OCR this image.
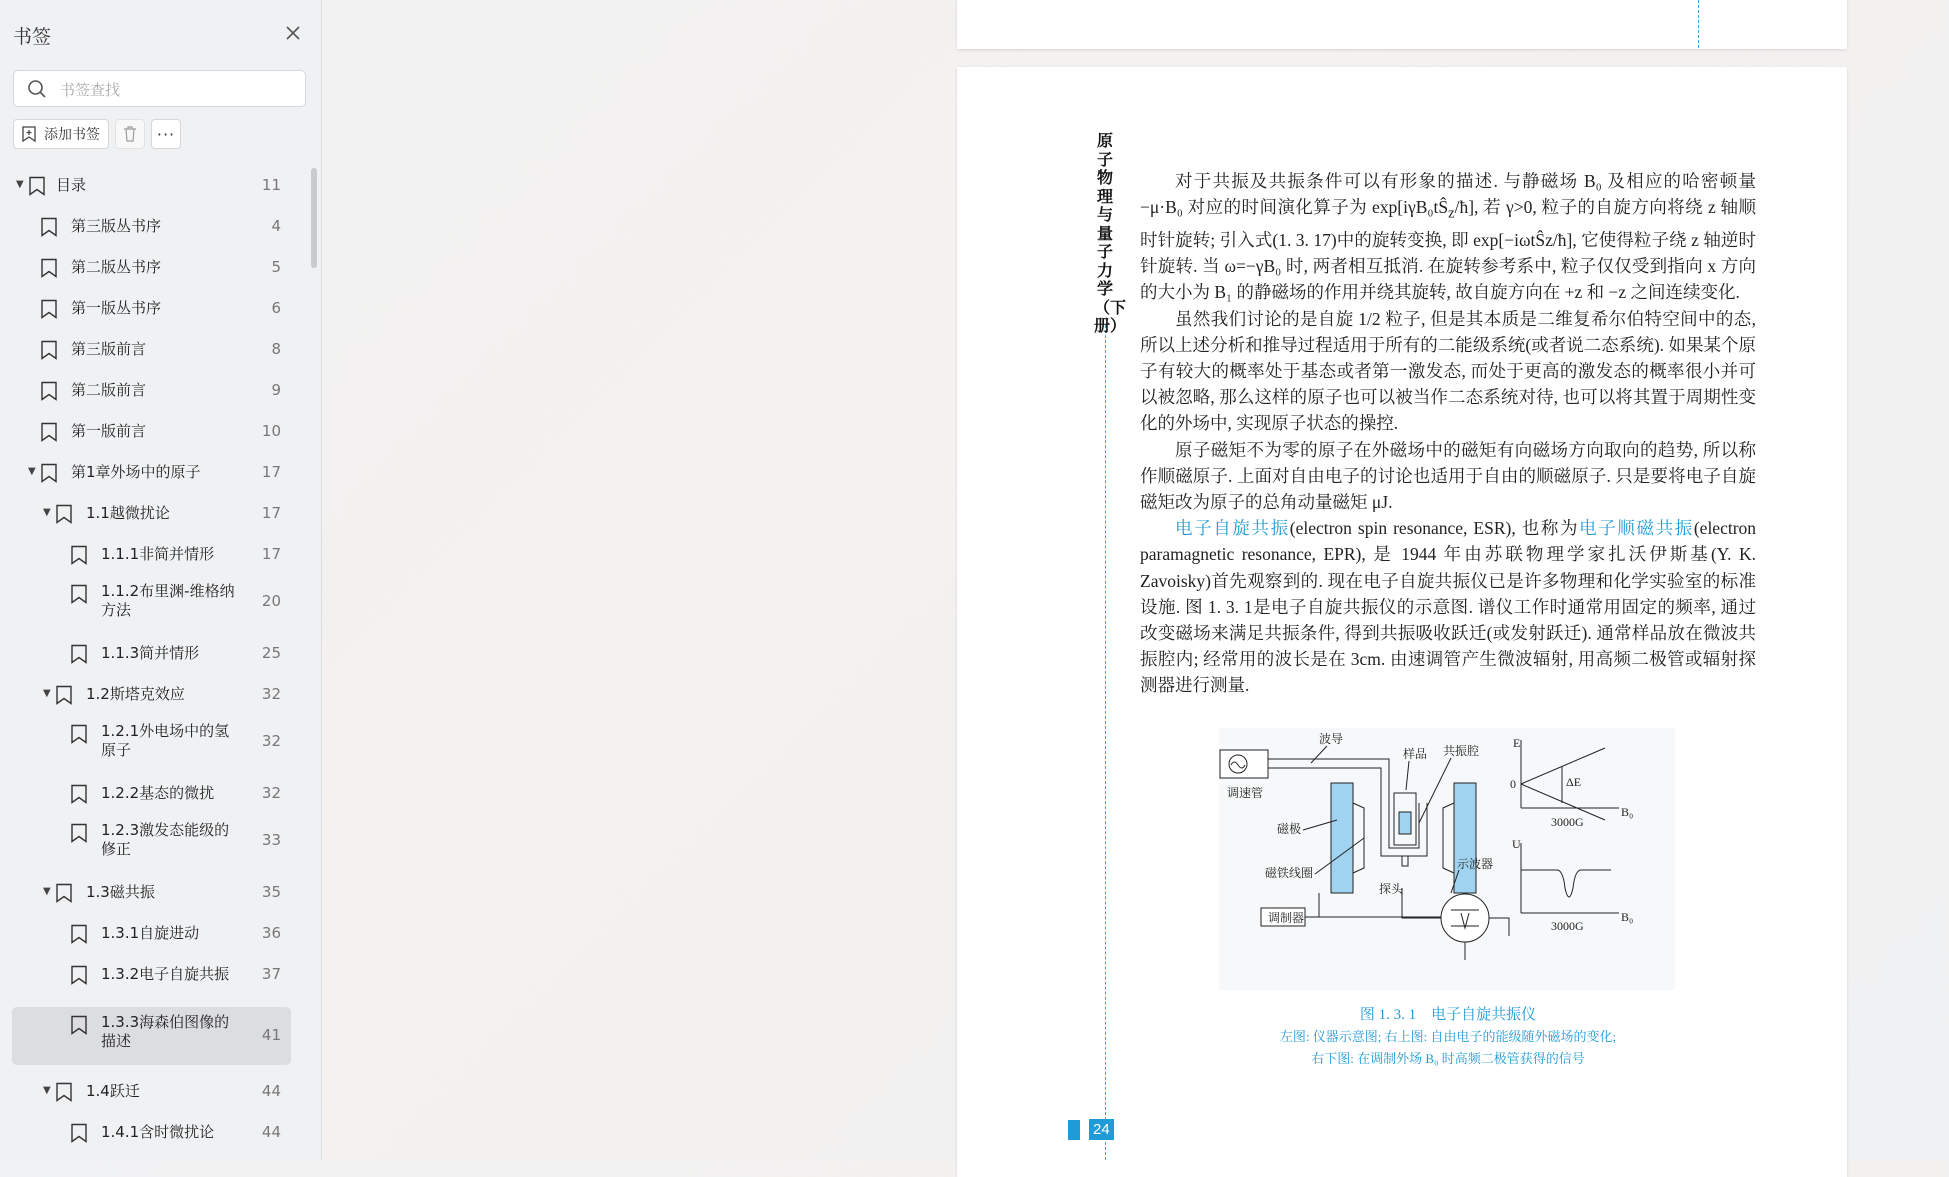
书签
书签查找
添加书签	···
▼ 目录	11
第三版丛书序	4
第二版丛书序	5
第一版丛书序	6
第三版前言	8
第二版前言	9
第一版前言	10
▼ 第1章外场中的原子	17
▼ 1.1越微扰论	17
1.1.1非简并情形	17
1.1.2布里渊-维格纳方法	20
1.1.3简并情形	25
▼ 1.2斯塔克效应	32
1.2.1外电场中的氢原子	32
1.2.2基态的微扰	32
1.2.3激发态能级的修正	33
▼ 1.3磁共振	35
1.3.1自旋进动	36
1.3.2电子自旋共振	37
1.3.3海森伯图像的描述	41
▼ 1.4跃迁	44
1.4.1含时微扰论	44
原子物理与量子力学（下册）

对于共振及共振条件可以有形象的描述. 与静磁场 B₀ 及相应的哈密顿量−μ·B₀ 对应的时间演化算子为 $\exp[i\gamma B_0tŜ_z/ħ]$, 若 γ>0, 粒子的自旋方向将绕 z 轴顺时针旋转; 引入式(1. 3. 17)中的旋转变换, 即 exp[−iωtŜz/ħ], 它使得粒子绕 z 轴逆时针旋转. 当 ω=−γB₀ 时, 两者相互抵消. 在旋转参考系中, 粒子仅仅受到指向 x 方向的大小为 B₁ 的静磁场的作用并绕其旋转, 故自旋方向在 +z 和 −z 之间连续变化.

虽然我们讨论的是自旋 1/2 粒子, 但是其本质是二维复希尔伯特空间中的态, 所以上述分析和推导过程适用于所有的二能级系统(或者说二态系统). 如果某个原子有较大的概率处于基态或者第一激发态, 而处于更高的激发态的概率很小并可以被忽略, 那么这样的原子也可以被当作二态系统对待, 也可以将其置于周期性变化的外场中, 实现原子状态的操控.

原子磁矩不为零的原子在外磁场中的磁矩有向磁场方向取向的趋势, 所以称作顺磁原子. 上面对自由电子的讨论也适用于自由的顺磁原子. 只是要将电子自旋磁矩改为原子的总角动量磁矩 μJ.

电子自旋共振(electron spin resonance, ESR), 也称为电子顺磁共振(electron paramagnetic resonance, EPR), 是 1944 年由苏联物理学家扎沃伊斯基(Y. K. Zavoisky)首先观察到的. 现在电子自旋共振仪已是许多物理和化学实验室的标准设施. 图 1. 3. 1是电子自旋共振仪的示意图. 谱仪工作时通常用固定的频率, 通过改变磁场来满足共振条件, 得到共振吸收跃迁(或发射跃迁). 通常样品放在微波共振腔内; 经常用的波长是在 3cm. 由速调管产生微波辐射, 用高频二极管或辐射探测器进行测量.

调速管
波导
样品 共振腔
磁极
磁铁线圈
探头
示波器
调制器
E
0	ΔE
B₀
3000G
U
B₀
3000G
图 1. 3. 1　电子自旋共振仪
左图: 仪器示意图; 右上图: 自由电子的能级随外磁场的变化;
右下图: 在调制外场 B₀ 时高频二极管获得的信号
24
